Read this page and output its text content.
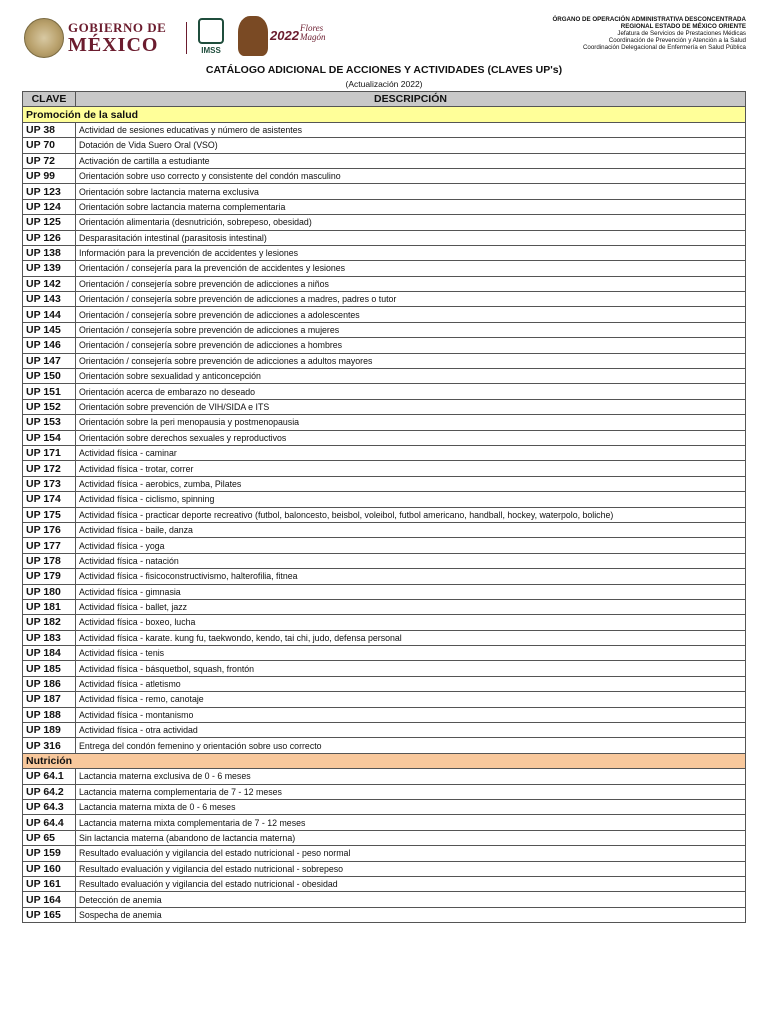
GOBIERNO DE
MÉXICO	IMSS
2022 Flores Magón
ÓRGANO DE OPERACIÓN ADMINISTRATIVA DESCONCENTRADA
REGIONAL ESTADO DE MÉXICO ORIENTE
Jefatura de Servicios de Prestaciones Médicas
Coordinación de Prevención y Atención a la Salud
Coordinación Delegacional de Enfermería en Salud Pública
CATÁLOGO ADICIONAL DE ACCIONES Y ACTIVIDADES (CLAVES UP's)
(Actualización 2022)
CLAVE	DESCRIPCIÓN
Promoción de la salud	
UP 38	Actividad de sesiones educativas y número de asistentes
UP 70	Dotación de Vida Suero Oral (VSO)
UP 72	Activación de cartilla a estudiante
UP 99	Orientación sobre uso correcto y consistente del condón masculino
UP 123	Orientación sobre lactancia materna exclusiva
UP 124	Orientación sobre lactancia materna complementaria
UP 125	Orientación alimentaria (desnutrición, sobrepeso, obesidad)
UP 126	Desparasitación intestinal (parasitosis intestinal)
UP 138	Información para la prevención de accidentes y lesiones
UP 139	Orientación / consejería para la prevención de accidentes y lesiones
UP 142	Orientación / consejería sobre prevención de adicciones a niños
UP 143	Orientación / consejería sobre prevención de adicciones a madres, padres o tutor
UP 144	Orientación / consejería sobre prevención de adicciones a adolescentes
UP 145	Orientación / consejería sobre prevención de adicciones a mujeres
UP 146	Orientación / consejería sobre prevención de adicciones a hombres
UP 147	Orientación / consejería sobre prevención de adicciones a adultos mayores
UP 150	Orientación sobre sexualidad y anticoncepción
UP 151	Orientación acerca de embarazo no deseado
UP 152	Orientación sobre prevención de VIH/SIDA e ITS
UP 153	Orientación sobre la peri menopausia y postmenopausia
UP 154	Orientación sobre derechos sexuales y reproductivos
UP 171	Actividad física - caminar
UP 172	Actividad física - trotar, correr
UP 173	Actividad física - aerobics, zumba, Pilates
UP 174	Actividad física - ciclismo, spinning
UP 175	Actividad física - practicar deporte recreativo (futbol, baloncesto, beisbol, voleibol, futbol americano, handball, hockey, waterpolo, boliche)
UP 176	Actividad física - baile, danza
UP 177	Actividad física - yoga
UP 178	Actividad física - natación
UP 179	Actividad física - fisicoconstructivismo, halterofilia, fitnea
UP 180	Actividad física - gimnasia
UP 181	Actividad física - ballet, jazz
UP 182	Actividad física - boxeo, lucha
UP 183	Actividad física - karate. kung fu, taekwondo, kendo, tai chi, judo, defensa personal
UP 184	Actividad física - tenis
UP 185	Actividad física - básquetbol, squash, frontón
UP 186	Actividad física - atletismo
UP 187	Actividad física - remo, canotaje
UP 188	Actividad física - montanismo
UP 189	Actividad física - otra actividad
UP 316	Entrega del condón femenino y orientación sobre uso correcto
Nutrición	
UP 64.1	Lactancia materna exclusiva de 0 - 6 meses
UP 64.2	Lactancia materna complementaria de 7 - 12 meses
UP 64.3	Lactancia materna mixta de 0 - 6 meses
UP 64.4	Lactancia materna mixta complementaria de 7 - 12 meses
UP 65	Sin lactancia materna (abandono de lactancia materna)
UP 159	Resultado evaluación y vigilancia del estado nutricional - peso normal
UP 160	Resultado evaluación y vigilancia del estado nutricional - sobrepeso
UP 161	Resultado evaluación y vigilancia del estado nutricional - obesidad
UP 164	Detección de anemia
UP 165	Sospecha de anemia
